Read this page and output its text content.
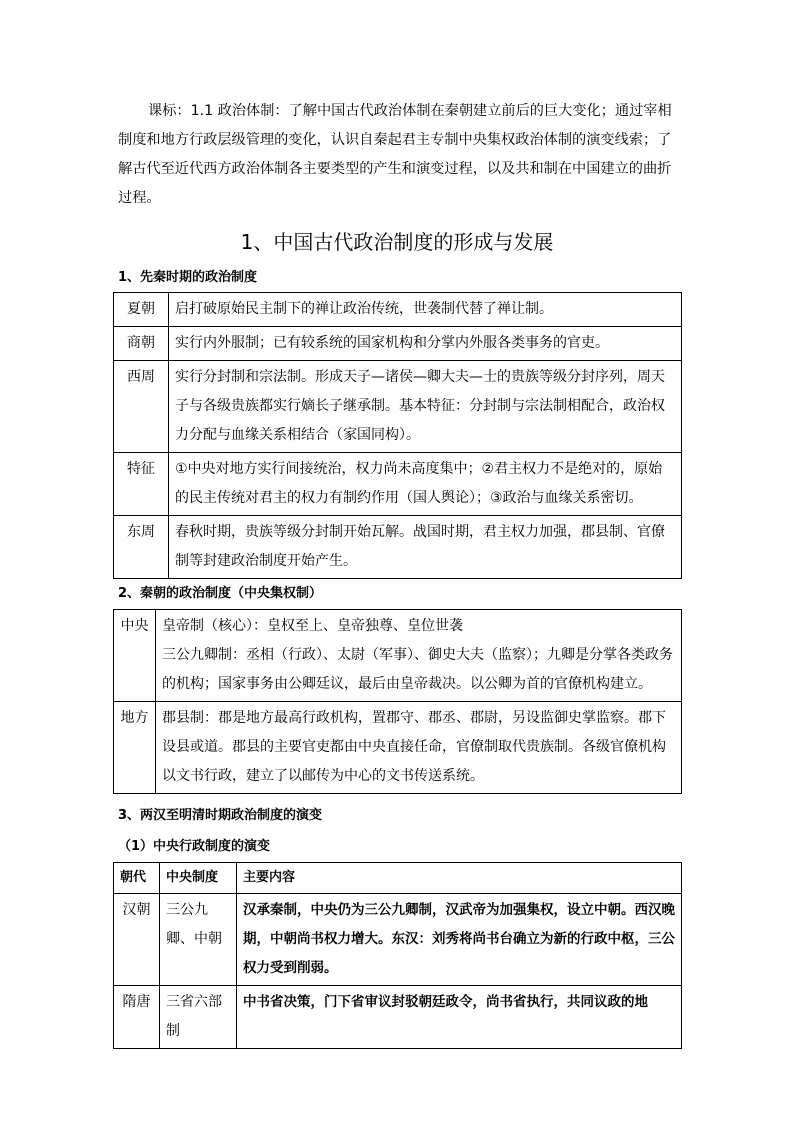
课标：1.1 政治体制：了解中国古代政治体制在秦朝建立前后的巨大变化；通过宰相制度和地方行政层级管理的变化，认识自秦起君主专制中央集权政治体制的演变线索；了解古代至近代西方政治体制各主要类型的产生和演变过程，以及共和制在中国建立的曲折过程。

1、中国古代政治制度的形成与发展

1、先秦时期的政治制度

夏朝	启打破原始民主制下的禅让政治传统，世袭制代替了禅让制。
商朝	实行内外服制；已有较系统的国家机构和分掌内外服各类事务的官吏。
西周	实行分封制和宗法制。形成天子—诸侯—卿大夫—士的贵族等级分封序列，周天子与各级贵族都实行嫡长子继承制。基本特征：分封制与宗法制相配合，政治权力分配与血缘关系相结合（家国同构）。
特征	①中央对地方实行间接统治，权力尚未高度集中；②君主权力不是绝对的，原始的民主传统对君主的权力有制约作用（国人舆论）；③政治与血缘关系密切。
东周	春秋时期，贵族等级分封制开始瓦解。战国时期，君主权力加强，郡县制、官僚制等封建政治制度开始产生。

2、秦朝的政治制度（中央集权制）

中央	皇帝制（核心）：皇权至上、皇帝独尊、皇位世袭
三公九卿制：丞相（行政）、太尉（军事）、御史大夫（监察）；九卿是分掌各类政务的机构；国家事务由公卿廷议，最后由皇帝裁决。以公卿为首的官僚机构建立。

地方	郡县制：郡是地方最高行政机构，置郡守、郡丞、郡尉，另设监御史掌监察。郡下设县或道。郡县的主要官吏都由中央直接任命，官僚制取代贵族制。各级官僚机构以文书行政，建立了以邮传为中心的文书传送系统。

3、两汉至明清时期政治制度的演变

（1）中央行政制度的演变

朝代	中央制度	主要内容
汉朝	三公九卿、中朝	汉承秦制，中央仍为三公九卿制，汉武帝为加强集权，设立中朝。西汉晚期，中朝尚书权力增大。东汉：刘秀将尚书台确立为新的行政中枢，三公权力受到削弱。
隋唐	三省六部制	中书省决策，门下省审议封驳朝廷政令，尚书省执行，共同议政的地
